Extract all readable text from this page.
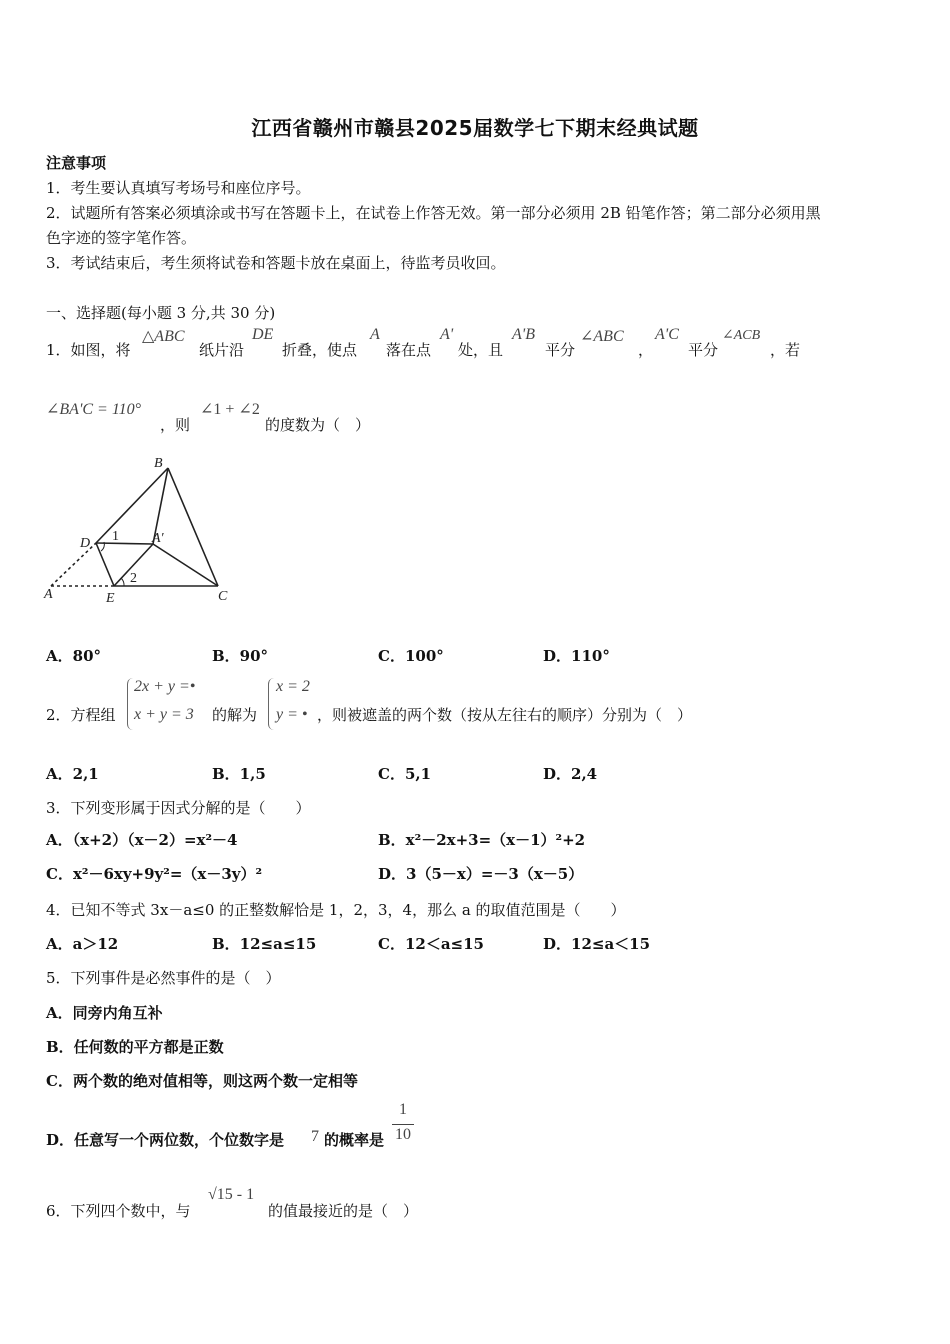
江西省赣州市赣县2025届数学七下期末经典试题
注意事项
1．考生要认真填写考场号和座位序号。
2．试题所有答案必须填涂或书写在答题卡上，在试卷上作答无效。第一部分必须用 2B 铅笔作答；第二部分必须用黑
色字迹的签字笔作答。
3．考试结束后，考生须将试卷和答题卡放在桌面上，待监考员收回。
一、选择题(每小题 3 分,共 30 分)
1．如图，将
△ABC
纸片沿
DE
折叠，使点
A
落在点
A'
处，且
A'B
平分
∠ABC
，
A'C
平分
∠ACB
，若
∠BA'C = 110°
，则
∠1 + ∠2
的度数为（　）
B
D
A	E	C
A′
1
2
A．80°	B．90°	C．100°	D．110°
2．方程组
2x + y =•
x + y = 3 的解为
x = 2
y = • ，则被遮盖的两个数（按从左往右的顺序）分别为（　）
A．2,1	B．1,5	C．5,1	D．2,4
3．下列变形属于因式分解的是（　　）
A．（x+2）（x－2）=x²－4	B．x²－2x+3=（x－1）²+2
C．x²－6xy+9y²=（x－3y）²	D．3（5－x）=－3（x－5）
4．已知不等式 3x－a≤0 的正整数解恰是 1，2，3，4，那么 a 的取值范围是（　　）
A．a＞12	B．12≤a≤15	C．12＜a≤15	D．12≤a＜15
5．下列事件是必然事件的是（　）
A．同旁内角互补
B．任何数的平方都是正数
C．两个数的绝对值相等，则这两个数一定相等
D．任意写一个两位数，个位数字是 7 的概率是
1
10
6．下列四个数中，与
√15 - 1
的值最接近的是（　）
